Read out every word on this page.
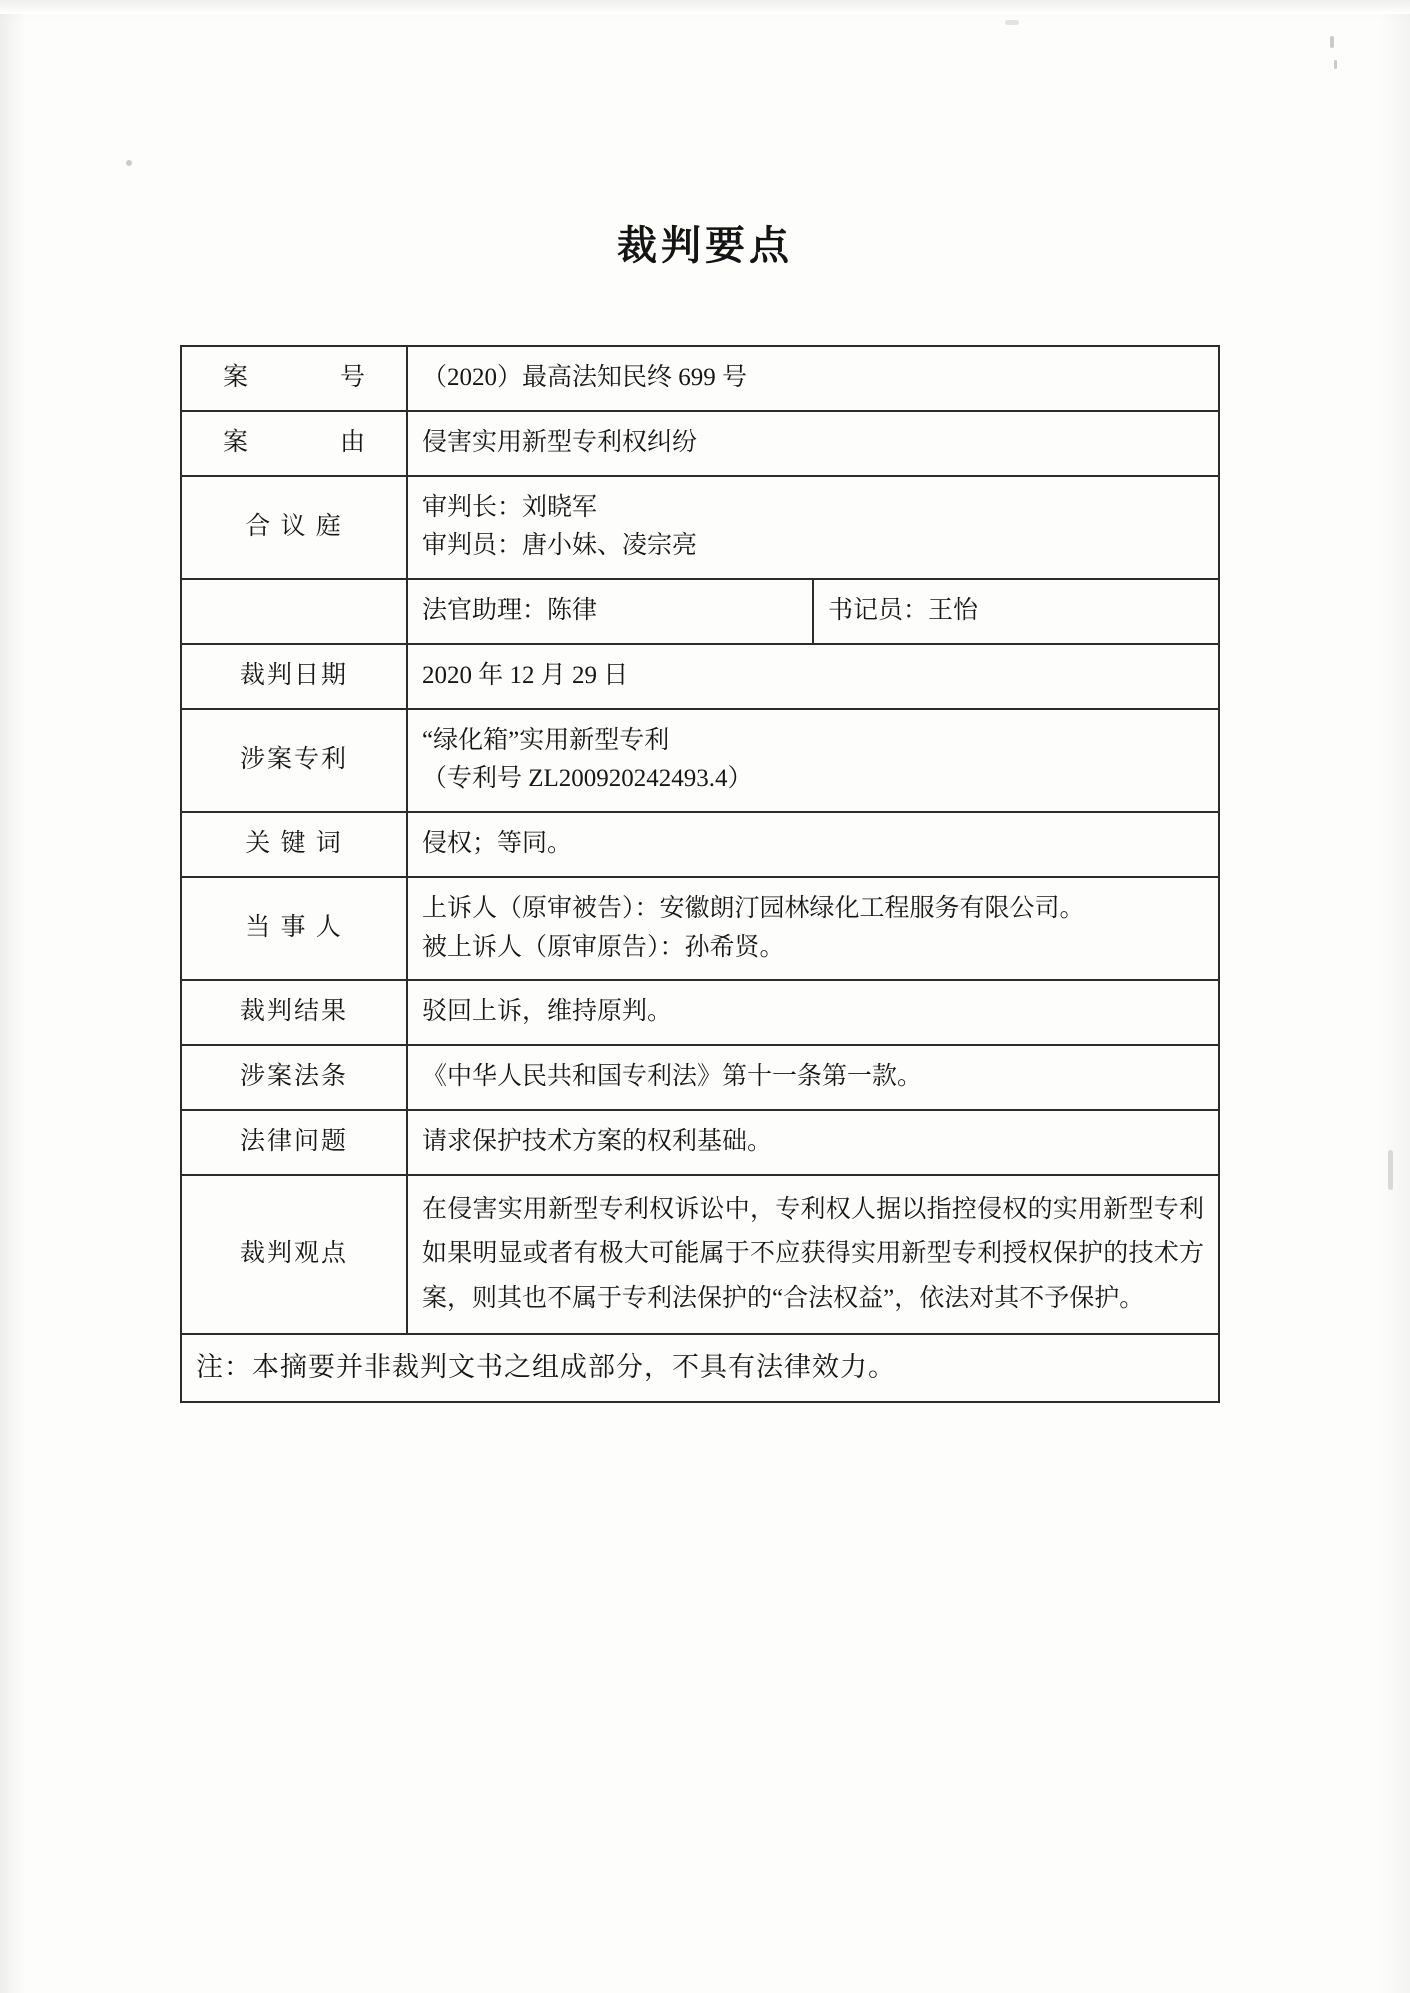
裁判要点
案　　号	（2020）最高法知民终 699 号	

案　　由	侵害实用新型专利权纠纷	

合 议 庭	审判长：刘晓军
审判员：唐小妹、凌宗亮	

	法官助理：陈律	书记员：王怡

裁判日期	2020 年 12 月 29 日	

涉案专利	“绿化箱”实用新型专利
（专利号 ZL200920242493.4）	

关 键 词	侵权；等同。	

当 事 人	上诉人（原审被告）：安徽朗汀园林绿化工程服务有限公司。
被上诉人（原审原告）：孙希贤。	

裁判结果	驳回上诉，维持原判。	

涉案法条	《中华人民共和国专利法》第十一条第一款。	

法律问题	请求保护技术方案的权利基础。	

裁判观点	在侵害实用新型专利权诉讼中，专利权人据以指控侵权的实用新型专利如果明显或者有极大可能属于不应获得实用新型专利授权保护的技术方案，则其也不属于专利法保护的“合法权益”，依法对其不予保护。	

注：本摘要并非裁判文书之组成部分，不具有法律效力。		
